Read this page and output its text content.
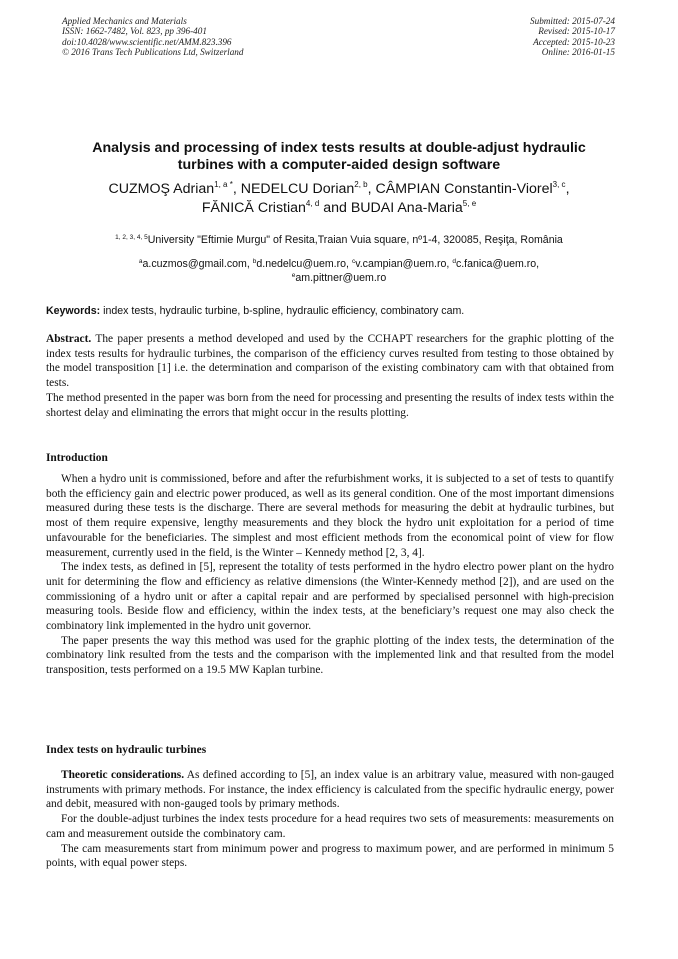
Applied Mechanics and Materials
ISSN: 1662-7482, Vol. 823, pp 396-401
doi:10.4028/www.scientific.net/AMM.823.396
© 2016 Trans Tech Publications Ltd, Switzerland
Submitted: 2015-07-24
Revised: 2015-10-17
Accepted: 2015-10-23
Online: 2016-01-15
Analysis and processing of index tests results at double-adjust hydraulic
turbines with a computer-aided design software
CUZMOŞ Adrian$^{1, a *}$, NEDELCU Dorian$^{2, b}$, CÂMPIAN Constantin-Viorel$^{3, c}$,
FĂNICĂ Cristian$^{4, d}$ and BUDAI Ana-Maria$^{5, e}$
$^{1, 2, 3, 4, 5}$University "Eftimie Murgu" of Resita,Traian Vuia square, nº1-4, 320085, Reşiţa, România
$^a$a.cuzmos@gmail.com, $^b$d.nedelcu@uem.ro, $^c$v.campian@uem.ro, $^d$c.fanica@uem.ro,
$^e$am.pittner@uem.ro
Keywords: index tests, hydraulic turbine, b-spline, hydraulic efficiency, combinatory cam.

Abstract. The paper presents a method developed and used by the CCHAPT researchers for the graphic plotting of the index tests results for hydraulic turbines, the comparison of the efficiency curves resulted from testing to those obtained by the model transposition [1] i.e. the determination and comparison of the existing combinatory cam with that obtained from tests.

The method presented in the paper was born from the need for processing and presenting the results of index tests within the shortest delay and eliminating the errors that might occur in the results plotting.

Introduction

When a hydro unit is commissioned, before and after the refurbishment works, it is subjected to a set of tests to quantify both the efficiency gain and electric power produced, as well as its general condition. One of the most important dimensions measured during these tests is the discharge. There are several methods for measuring the debit at hydraulic turbines, but most of them require expensive, lengthy measurements and they block the hydro unit exploitation for a period of time unfavourable for the beneficiaries. The simplest and most efficient methods from the economical point of view for flow measurement, currently used in the field, is the Winter – Kennedy method [2, 3, 4].

The index tests, as defined in [5], represent the totality of tests performed in the hydro electro power plant on the hydro unit for determining the flow and efficiency as relative dimensions (the Winter-Kennedy method [2]), and are used on the commissioning of a hydro unit or after a capital repair and are performed by specialised personnel with high-precision measuring tools. Beside flow and efficiency, within the index tests, at the beneficiary’s request one may also check the combinatory link implemented in the hydro unit governor.

The paper presents the way this method was used for the graphic plotting of the index tests, the determination of the combinatory link resulted from the tests and the comparison with the implemented link and that resulted from the model transposition, tests performed on a 19.5 MW Kaplan turbine.

Index tests on hydraulic turbines

Theoretic considerations. As defined according to [5], an index value is an arbitrary value, measured with non-gauged instruments with primary methods. For instance, the index efficiency is calculated from the specific hydraulic energy, power and debit, measured with non-gauged tools by primary methods.

For the double-adjust turbines the index tests procedure for a head requires two sets of measurements: measurements on cam and measurement outside the combinatory cam.

The cam measurements start from minimum power and progress to maximum power, and are performed in minimum 5 points, with equal power steps.
